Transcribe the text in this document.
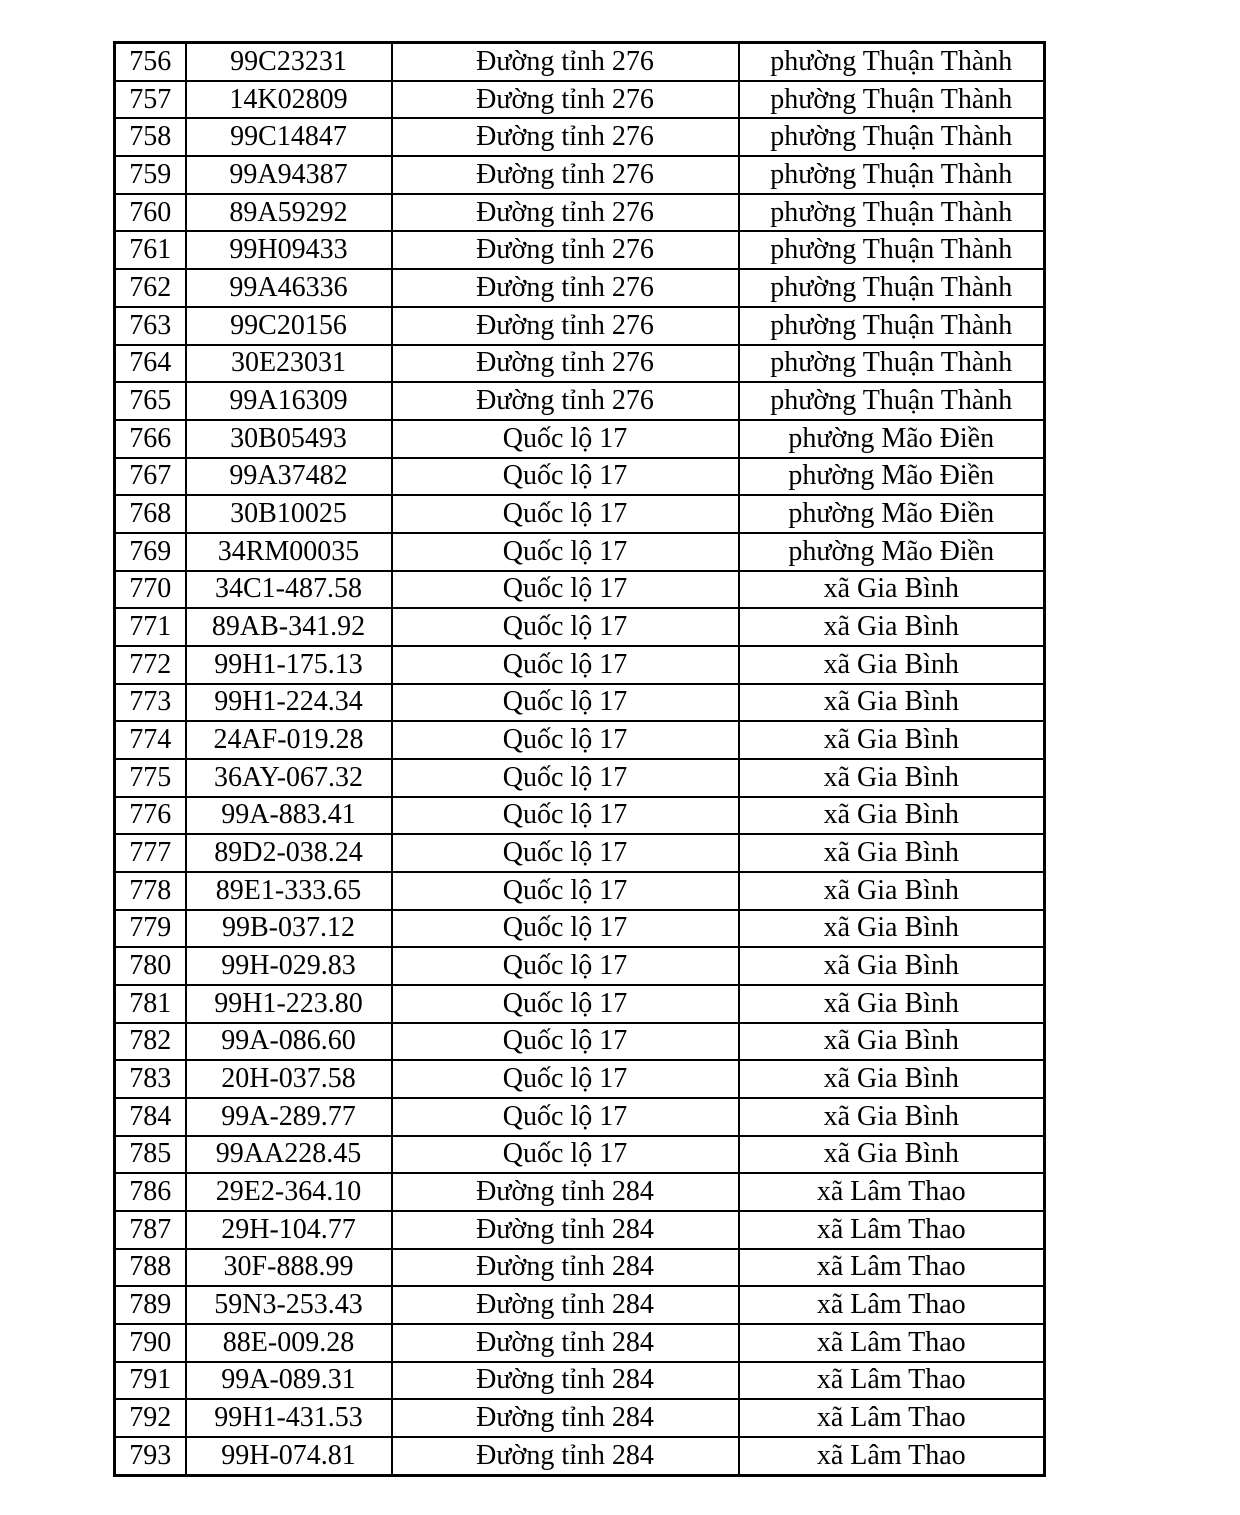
756	99C23231	Đường tỉnh 276	phường Thuận Thành
757	14K02809	Đường tỉnh 276	phường Thuận Thành
758	99C14847	Đường tỉnh 276	phường Thuận Thành
759	99A94387	Đường tỉnh 276	phường Thuận Thành
760	89A59292	Đường tỉnh 276	phường Thuận Thành
761	99H09433	Đường tỉnh 276	phường Thuận Thành
762	99A46336	Đường tỉnh 276	phường Thuận Thành
763	99C20156	Đường tỉnh 276	phường Thuận Thành
764	30E23031	Đường tỉnh 276	phường Thuận Thành
765	99A16309	Đường tỉnh 276	phường Thuận Thành
766	30B05493	Quốc lộ 17	phường Mão Điền
767	99A37482	Quốc lộ 17	phường Mão Điền
768	30B10025	Quốc lộ 17	phường Mão Điền
769	34RM00035	Quốc lộ 17	phường Mão Điền
770	34C1-487.58	Quốc lộ 17	xã Gia Bình
771	89AB-341.92	Quốc lộ 17	xã Gia Bình
772	99H1-175.13	Quốc lộ 17	xã Gia Bình
773	99H1-224.34	Quốc lộ 17	xã Gia Bình
774	24AF-019.28	Quốc lộ 17	xã Gia Bình
775	36AY-067.32	Quốc lộ 17	xã Gia Bình
776	99A-883.41	Quốc lộ 17	xã Gia Bình
777	89D2-038.24	Quốc lộ 17	xã Gia Bình
778	89E1-333.65	Quốc lộ 17	xã Gia Bình
779	99B-037.12	Quốc lộ 17	xã Gia Bình
780	99H-029.83	Quốc lộ 17	xã Gia Bình
781	99H1-223.80	Quốc lộ 17	xã Gia Bình
782	99A-086.60	Quốc lộ 17	xã Gia Bình
783	20H-037.58	Quốc lộ 17	xã Gia Bình
784	99A-289.77	Quốc lộ 17	xã Gia Bình
785	99AA228.45	Quốc lộ 17	xã Gia Bình
786	29E2-364.10	Đường tỉnh 284	xã Lâm Thao
787	29H-104.77	Đường tỉnh 284	xã Lâm Thao
788	30F-888.99	Đường tỉnh 284	xã Lâm Thao
789	59N3-253.43	Đường tỉnh 284	xã Lâm Thao
790	88E-009.28	Đường tỉnh 284	xã Lâm Thao
791	99A-089.31	Đường tỉnh 284	xã Lâm Thao
792	99H1-431.53	Đường tỉnh 284	xã Lâm Thao
793	99H-074.81	Đường tỉnh 284	xã Lâm Thao
